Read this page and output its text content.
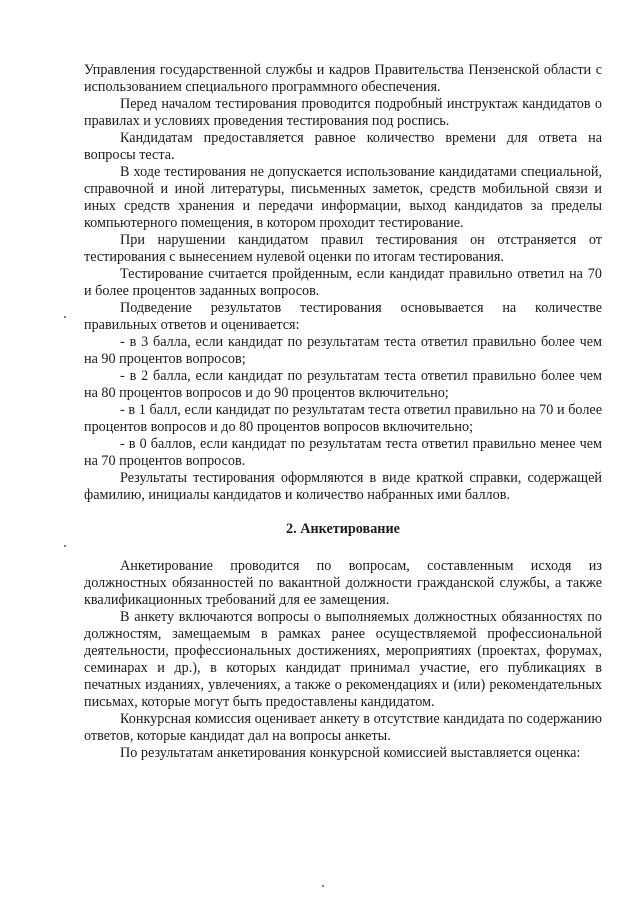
Управления государственной службы и кадров Правительства Пензенской области с использованием специального программного обеспечения.

Перед началом тестирования проводится подробный инструктаж кандидатов о правилах и условиях проведения тестирования под роспись.

Кандидатам предоставляется равное количество времени для ответа на вопросы теста.

В ходе тестирования не допускается использование кандидатами специальной, справочной и иной литературы, письменных заметок, средств мобильной связи и иных средств хранения и передачи информации, выход кандидатов за пределы компьютерного помещения, в котором проходит тестирование.

При нарушении кандидатом правил тестирования он отстраняется от тестирования с вынесением нулевой оценки по итогам тестирования.

Тестирование считается пройденным, если кандидат правильно ответил на 70 и более процентов заданных вопросов.

Подведение результатов тестирования основывается на количестве правильных ответов и оценивается:

- в 3 балла, если кандидат по результатам теста ответил правильно более чем на 90 процентов вопросов;

- в 2 балла, если кандидат по результатам теста ответил правильно более чем на 80 процентов вопросов и до 90 процентов включительно;

- в 1 балл, если кандидат по результатам теста ответил правильно на 70 и более процентов вопросов и до 80 процентов вопросов включительно;

- в 0 баллов, если кандидат по результатам теста ответил правильно менее чем на 70 процентов вопросов.

Результаты тестирования оформляются в виде краткой справки, содержащей фамилию, инициалы кандидатов и количество набранных ими баллов.

2. Анкетирование

Анкетирование проводится по вопросам, составленным исходя из должностных обязанностей по вакантной должности гражданской службы, а также квалификационных требований для ее замещения.

В анкету включаются вопросы о выполняемых должностных обязанностях по должностям, замещаемым в рамках ранее осуществляемой профессиональной деятельности, профессиональных достижениях, мероприятиях (проектах, форумах, семинарах и др.), в которых кандидат принимал участие, его публикациях в печатных изданиях, увлечениях, а также о рекомендациях и (или) рекомендательных письмах, которые могут быть предоставлены кандидатом.

Конкурсная комиссия оценивает анкету в отсутствие кандидата по содержанию ответов, которые кандидат дал на вопросы анкеты.

По результатам анкетирования конкурсной комиссией выставляется оценка:
